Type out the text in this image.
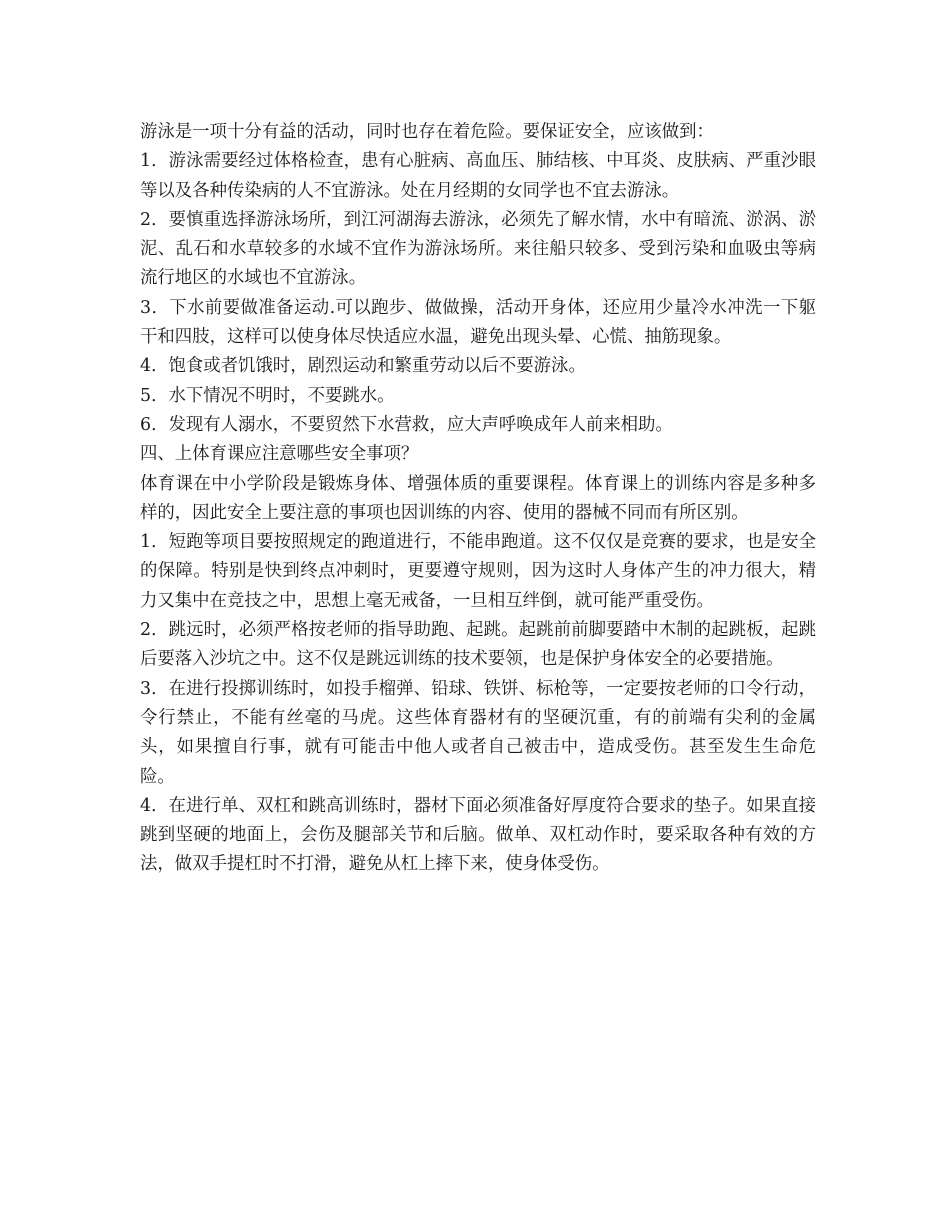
游泳是一项十分有益的活动，同时也存在着危险。要保证安全，应该做到：

1．游泳需要经过体格检查，患有心脏病、高血压、肺结核、中耳炎、皮肤病、严重沙眼等以及各种传染病的人不宜游泳。处在月经期的女同学也不宜去游泳。

2．要慎重选择游泳场所，到江河湖海去游泳，必须先了解水情，水中有暗流、淤涡、淤泥、乱石和水草较多的水域不宜作为游泳场所。来往船只较多、受到污染和血吸虫等病流行地区的水域也不宜游泳。

3．下水前要做准备运动.可以跑步、做做操，活动开身体，还应用少量冷水冲洗一下躯干和四肢，这样可以使身体尽快适应水温，避免出现头晕、心慌、抽筋现象。

4．饱食或者饥饿时，剧烈运动和繁重劳动以后不要游泳。

5．水下情况不明时，不要跳水。

6．发现有人溺水，不要贸然下水营救，应大声呼唤成年人前来相助。

四、上体育课应注意哪些安全事项？

体育课在中小学阶段是锻炼身体、增强体质的重要课程。体育课上的训练内容是多种多样的，因此安全上要注意的事项也因训练的内容、使用的器械不同而有所区别。

1．短跑等项目要按照规定的跑道进行，不能串跑道。这不仅仅是竞赛的要求，也是安全的保障。特别是快到终点冲刺时，更要遵守规则，因为这时人身体产生的冲力很大，精力又集中在竞技之中，思想上毫无戒备，一旦相互绊倒，就可能严重受伤。

2．跳远时，必须严格按老师的指导助跑、起跳。起跳前前脚要踏中木制的起跳板，起跳后要落入沙坑之中。这不仅是跳远训练的技术要领，也是保护身体安全的必要措施。

3．在进行投掷训练时，如投手榴弹、铅球、铁饼、标枪等，一定要按老师的口令行动，令行禁止，不能有丝毫的马虎。这些体育器材有的坚硬沉重，有的前端有尖利的金属头，如果擅自行事，就有可能击中他人或者自己被击中，造成受伤。甚至发生生命危险。

4．在进行单、双杠和跳高训练时，器材下面必须准备好厚度符合要求的垫子。如果直接跳到坚硬的地面上，会伤及腿部关节和后脑。做单、双杠动作时，要采取各种有效的方法，做双手提杠时不打滑，避免从杠上摔下来，使身体受伤。
